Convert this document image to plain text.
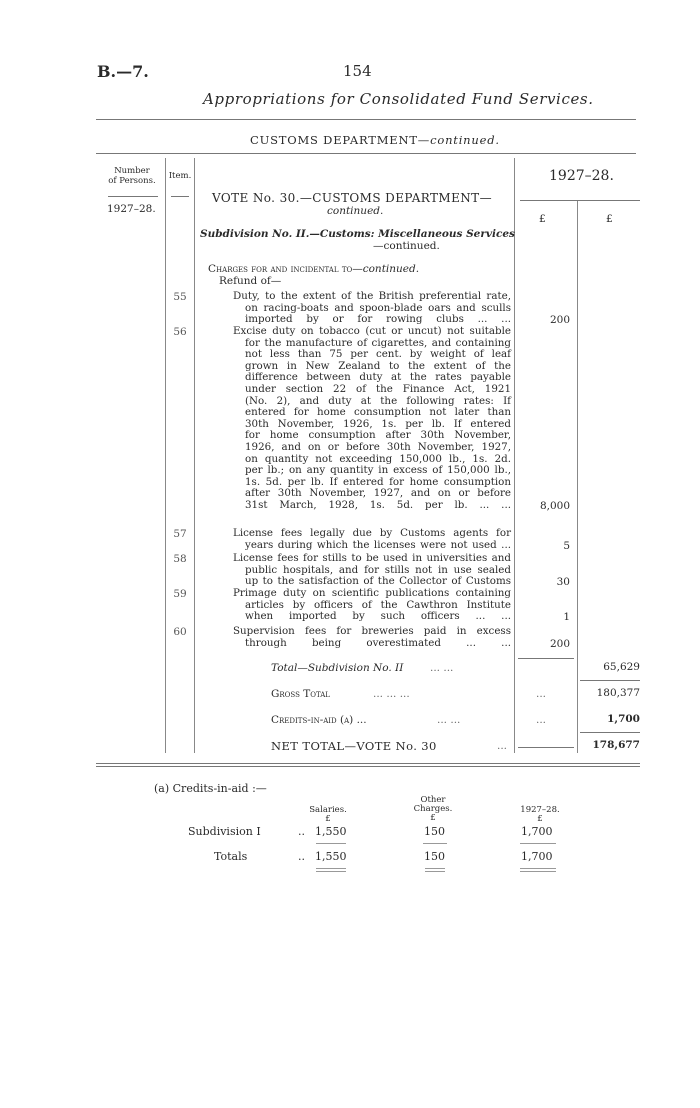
B.—7.	154
Appropriations for Consolidated Fund Services.
CUSTOMS DEPARTMENT—continued.
Number
of Persons.	Item.	1927–28.
1927–28.
£	£
VOTE No. 30.—CUSTOMS DEPARTMENT—
continued.
Subdivision No. II.—Customs: Miscellaneous Services
—continued.
Charges for and incidental to—continued.
Refund of—
55	Duty, to the extent of the British preferential rate,
on racing-boats and spoon-blade oars and sculls
imported by or for rowing clubs ... ...	200
56	Excise duty on tobacco (cut or uncut) not suitable
for the manufacture of cigarettes, and containing
not less than 75 per cent. by weight of leaf
grown in New Zealand to the extent of the
difference between duty at the rates payable
under section 22 of the Finance Act, 1921
(No. 2), and duty at the following rates: If
entered for home consumption not later than
30th November, 1926, 1s. per lb. If entered
for home consumption after 30th November,
1926, and on or before 30th November, 1927,
on quantity not exceeding 150,000 lb., 1s. 2d.
per lb.; on any quantity in excess of 150,000 lb.,
1s. 5d. per lb. If entered for home consumption
after 30th November, 1927, and on or before
31st March, 1928, 1s. 5d. per lb. ... ...	8,000
57	License fees legally due by Customs agents for
years during which the licenses were not used ...	5
58	License fees for stills to be used in universities and
public hospitals, and for stills not in use sealed
up to the satisfaction of the Collector of Customs	30
59	Primage duty on scientific publications containing
articles by officers of the Cawthron Institute
when imported by such officers ... ...	1
60	Supervision fees for breweries paid in excess
through being overestimated ... ...	200
Total—Subdivision No. II	... ...	65,629
Gross Total	... ... ...	...	180,377
Credits-in-aid (a) ...	... ...	...	1,700
NET TOTAL—VOTE No. 30	...	178,677
(a) Credits-in-aid :—
Salaries.
£
Other
Charges.
£
1927–28.
£
Subdivision I	.. 1,550	150	1,700
Totals	.. 1,550	150	1,700
